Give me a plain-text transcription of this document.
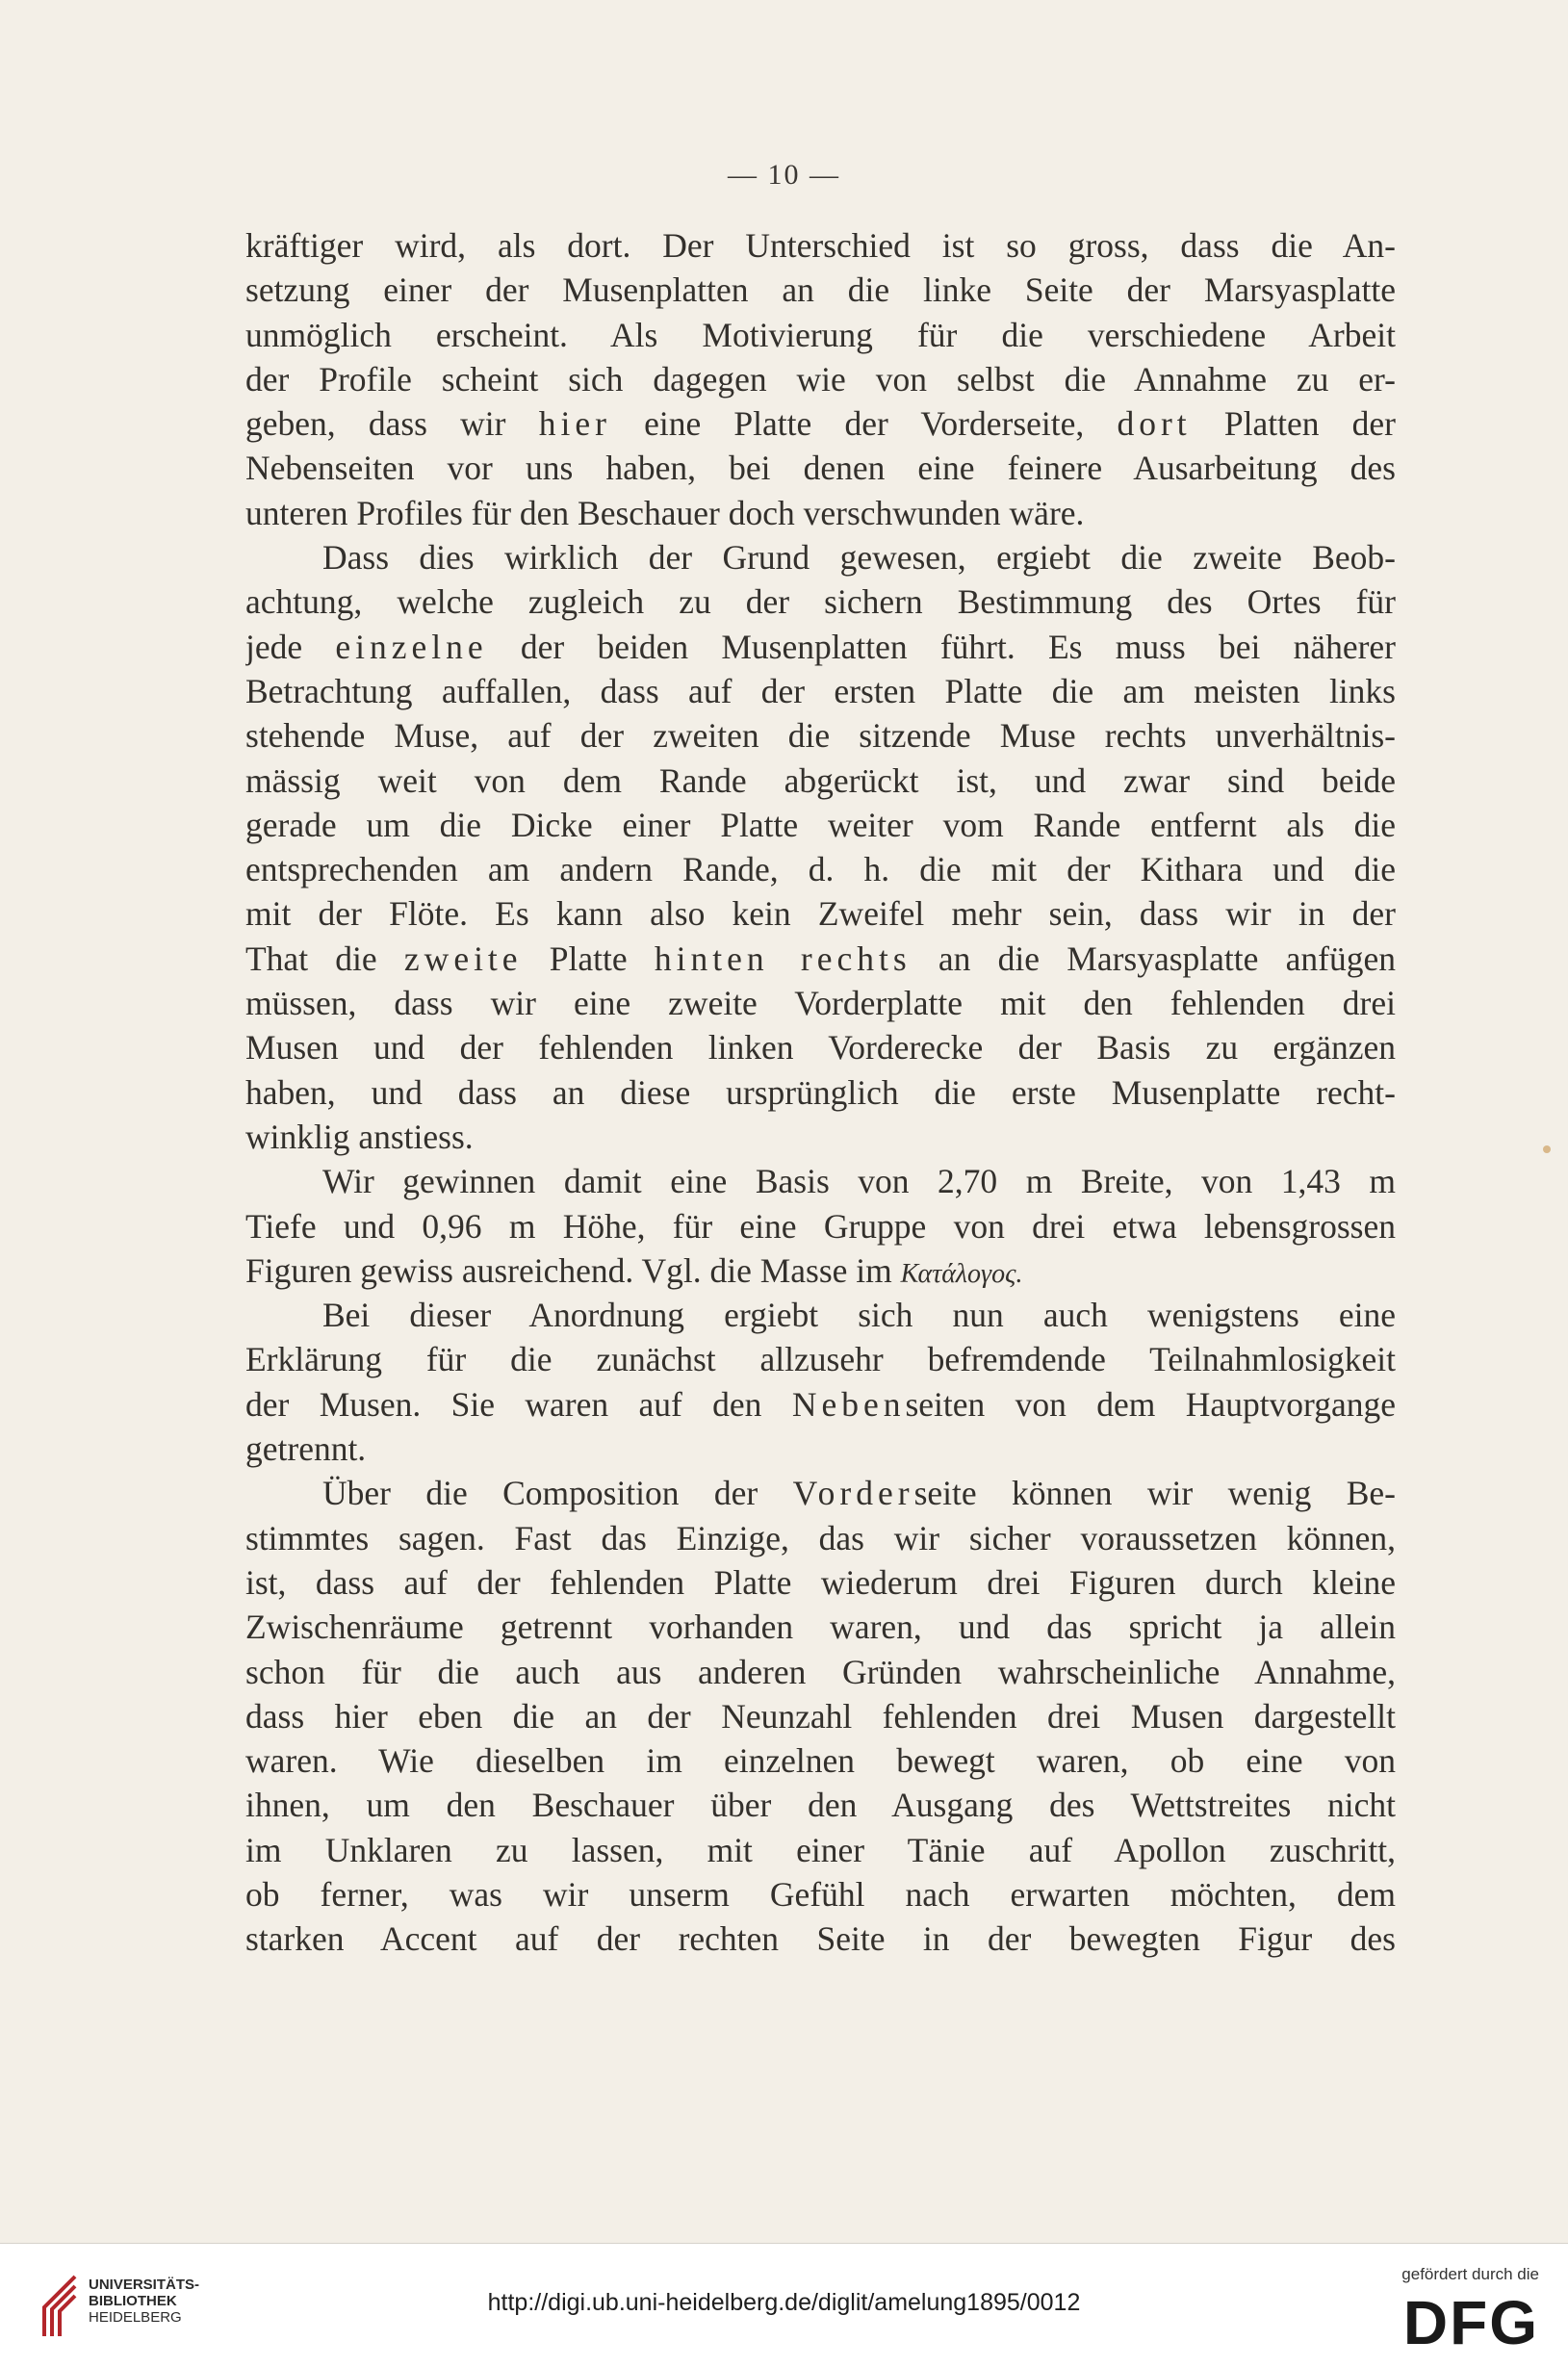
— 10 —
kräftiger wird, als dort. Der Unterschied ist so gross, dass die An-
setzung einer der Musenplatten an die linke Seite der Marsyasplatte
unmöglich erscheint. Als Motivierung für die verschiedene Arbeit
der Profile scheint sich dagegen wie von selbst die Annahme zu er-
geben, dass wir hier eine Platte der Vorderseite, dort Platten der
Nebenseiten vor uns haben, bei denen eine feinere Ausarbeitung des
unteren Profiles für den Beschauer doch verschwunden wäre.
Dass dies wirklich der Grund gewesen, ergiebt die zweite Beob-
achtung, welche zugleich zu der sichern Bestimmung des Ortes für
jede einzelne der beiden Musenplatten führt. Es muss bei näherer
Betrachtung auffallen, dass auf der ersten Platte die am meisten links
stehende Muse, auf der zweiten die sitzende Muse rechts unverhältnis-
mässig weit von dem Rande abgerückt ist, und zwar sind beide
gerade um die Dicke einer Platte weiter vom Rande entfernt als die
entsprechenden am andern Rande, d. h. die mit der Kithara und die
mit der Flöte. Es kann also kein Zweifel mehr sein, dass wir in der
That die zweite Platte hinten rechts an die Marsyasplatte anfügen
müssen, dass wir eine zweite Vorderplatte mit den fehlenden drei
Musen und der fehlenden linken Vorderecke der Basis zu ergänzen
haben, und dass an diese ursprünglich die erste Musenplatte recht-
winklig anstiess.
Wir gewinnen damit eine Basis von 2,70 m Breite, von 1,43 m
Tiefe und 0,96 m Höhe, für eine Gruppe von drei etwa lebensgrossen
Figuren gewiss ausreichend. Vgl. die Masse im Κατάλογος.
Bei dieser Anordnung ergiebt sich nun auch wenigstens eine
Erklärung für die zunächst allzusehr befremdende Teilnahmlosigkeit
der Musen. Sie waren auf den Nebenseiten von dem Hauptvorgange
getrennt.
Über die Composition der Vorderseite können wir wenig Be-
stimmtes sagen. Fast das Einzige, das wir sicher voraussetzen können,
ist, dass auf der fehlenden Platte wiederum drei Figuren durch kleine
Zwischenräume getrennt vorhanden waren, und das spricht ja allein
schon für die auch aus anderen Gründen wahrscheinliche Annahme,
dass hier eben die an der Neunzahl fehlenden drei Musen dargestellt
waren. Wie dieselben im einzelnen bewegt waren, ob eine von
ihnen, um den Beschauer über den Ausgang des Wettstreites nicht
im Unklaren zu lassen, mit einer Tänie auf Apollon zuschritt,
ob ferner, was wir unserm Gefühl nach erwarten möchten, dem
starken Accent auf der rechten Seite in der bewegten Figur des
UNIVERSITÄTS-
BIBLIOTHEK
HEIDELBERG
http://digi.ub.uni-heidelberg.de/diglit/amelung1895/0012
gefördert durch die
DFG
